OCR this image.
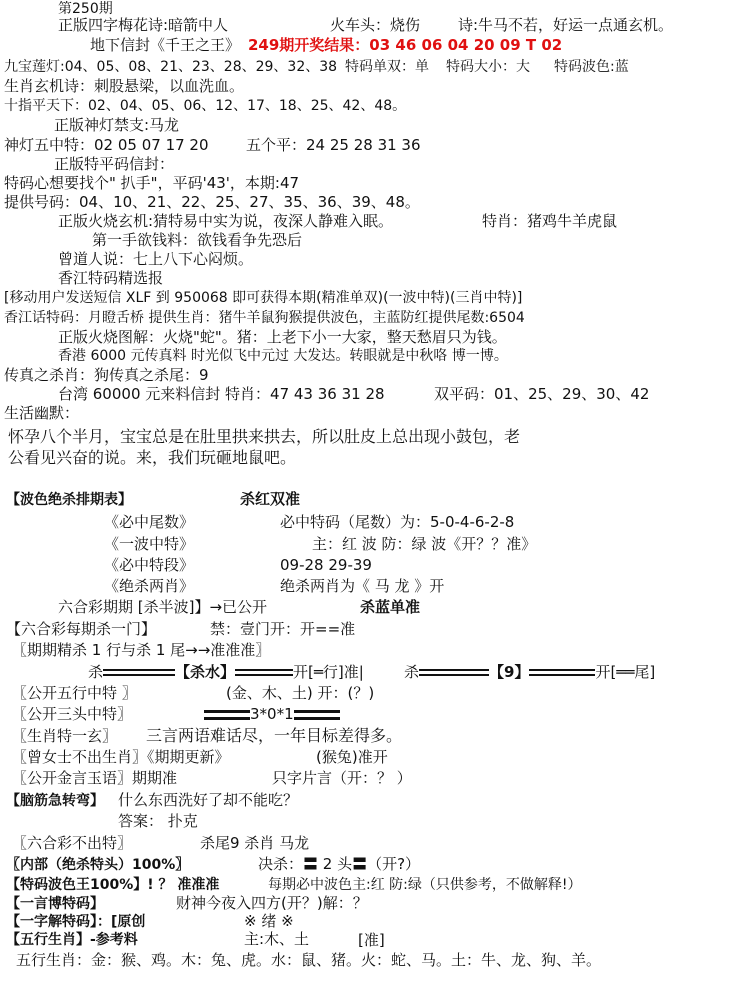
第250期
正版四字梅花诗:暗箭中人	火车头：烧伤	诗:牛马不若，好运一点通玄机。
地下信封《千王之王》 249期开奖结果：03 46 06 04 20 09 T 02
九宝莲灯:04、05、08、21、23、28、29、32、38 特码单双：单 特码大小：大 特码波色:蓝
生肖玄机诗：刺股悬梁，以血洗血。
十指平天下：02、04、05、06、12、17、18、25、42、48。
正版神灯禁支:马龙
神灯五中特：02 05 07 17 20 五个平：24 25 28 31 36
正版特平码信封：
特码心想要找个" 扒手"，平码'43'，本期:47
提供号码：04、10、21、22、25、27、35、36、39、48。
正版火烧玄机:猜特易中实为说，夜深人静难入眠。	特肖：猪鸡牛羊虎鼠
第一手欲钱料：欲钱看争先恐后
曾道人说：七上八下心闷烦。
香江特码精选报
[移动用户发送短信 XLF 到 950068 即可获得本期(精准单双)(一波中特)(三肖中特)]
香江话特码：月瞪舌桥 提供生肖：猪牛羊鼠狗猴提供波色，主蓝防红提供尾数:6504
正版火烧图解：火烧"蛇"。猪：上老下小一大家，整天愁眉只为钱。
香港 6000 元传真料 时光似飞中元过 大发达。转眼就是中秋咯 博一博。
传真之杀肖：狗传真之杀尾：9
台湾 60000 元来料信封 特肖：47 43 36 31 28	双平码：01、25、29、30、42
生活幽默：
怀孕八个半月，宝宝总是在肚里拱来拱去，所以肚皮上总出现小鼓包，老
公看见兴奋的说。来，我们玩砸地鼠吧。
【波色绝杀排期表】	杀红双准
《必中尾数》	必中特码（尾数）为：5-0-4-6-2-8
《一波中特》	主：红 波 防：绿 波《开？？准》
《必中特段》	09-28 29-39
《绝杀两肖》	绝杀两肖为《 马 龙 》开
六合彩期期 [杀半波]】→已公开	杀蓝单准
【六合彩每期杀一门】	禁：壹门开：开==准
〖期期精杀 1 行与杀 1 尾→→准准准〗
杀	【杀水】	开[═行]准|	杀	【9】	开[══尾]
〖公开五行中特 〗	(金、木、土) 开：(？)
〖公开三头中特〗	3*0*1
〖生肖特一玄〗 三言两语难话尽，一年目标差得多。
〖曾女士不出生肖〗《期期更新》	(猴兔)准开
〖公开金言玉语〗期期准	只字片言（开：？ ）
【脑筋急转弯】 什么东西洗好了却不能吃？
答案： 扑克
〖六合彩不出特〗	杀尾9 杀肖 马龙
〖内部（绝杀特头）100%〗	决杀：〓 2 头〓（开?）
【特码波色王100%】! ？ 准准准	每期必中波色主:红 防:绿（只供参考，不做解释!）
【一言博特码】	财神今夜入四方(开？)解：？
【一字解特码】：[原创	※ 绪 ※
【五行生肖】-参考料	主:木、土	[准]
五行生肖：金：猴、鸡。木：兔、虎。水：鼠、猪。火：蛇、马。土：牛、龙、狗、羊。
